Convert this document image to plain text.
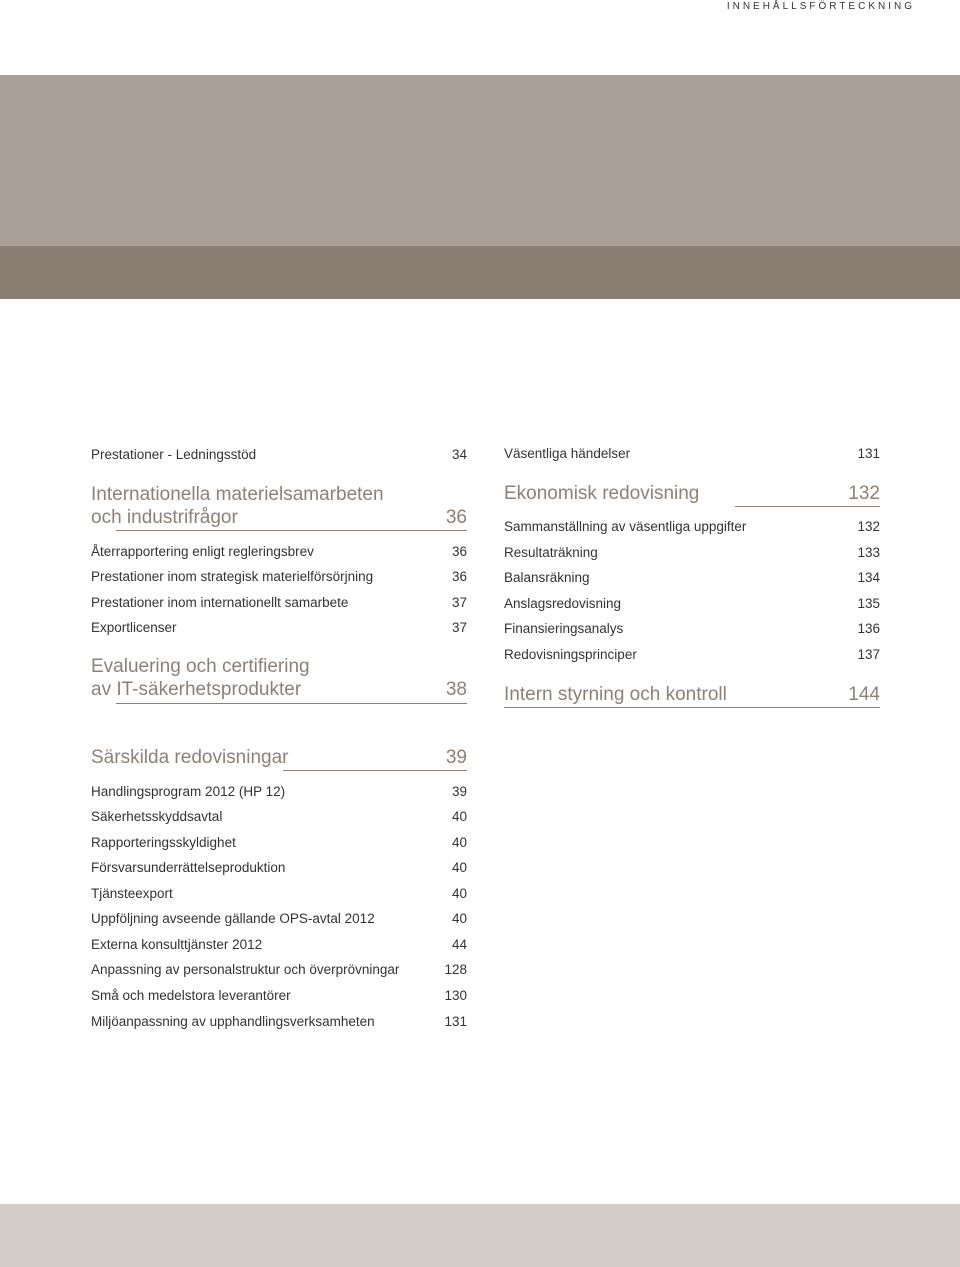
INNEHÅLLSFÖRTECKNING
Prestationer - Ledningsstöd	34
Internationella materielsamarbeten
och industrifrågor	36
Återrapportering enligt regleringsbrev	36
Prestationer inom strategisk materielförsörjning	36
Prestationer inom internationellt samarbete	37
Exportlicenser	37
Evaluering och certifiering
av IT-säkerhetsprodukter	38
Särskilda redovisningar	39
Handlingsprogram 2012 (HP 12)	39
Säkerhetsskyddsavtal	40
Rapporteringsskyldighet	40
Försvarsunderrättelseproduktion	40
Tjänsteexport	40
Uppföljning avseende gällande OPS-avtal 2012	40
Externa konsulttjänster 2012	44
Anpassning av personalstruktur och överprövningar	128
Små och medelstora leverantörer	130
Miljöanpassning av upphandlingsverksamheten	131
Väsentliga händelser	131
Ekonomisk redovisning	132
Sammanställning av väsentliga uppgifter	132
Resultaträkning	133
Balansräkning	134
Anslagsredovisning	135
Finansieringsanalys	136
Redovisningsprinciper	137
Intern styrning och kontroll	144
